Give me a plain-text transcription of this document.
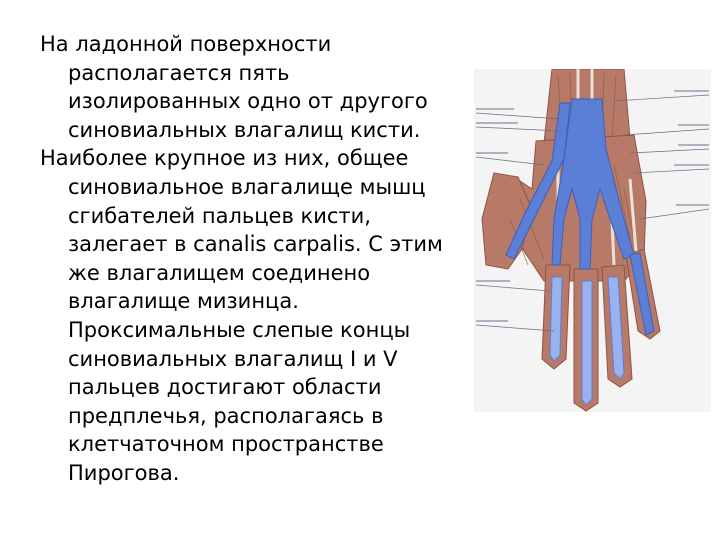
На ладонной поверхности располагается пять изолированных одно от другого синовиальных влагалищ кисти.

Наиболее крупное из них, общее синовиальное влагалище мышц сгибателей пальцев кисти, залегает в canalis carpalis. С этим же влагалищем соединено влагалище мизинца. Проксимальные слепые концы синовиальных влагалищ I и V пальцев достигают области предплечья, располагаясь в клетчаточном пространстве Пирогова.
